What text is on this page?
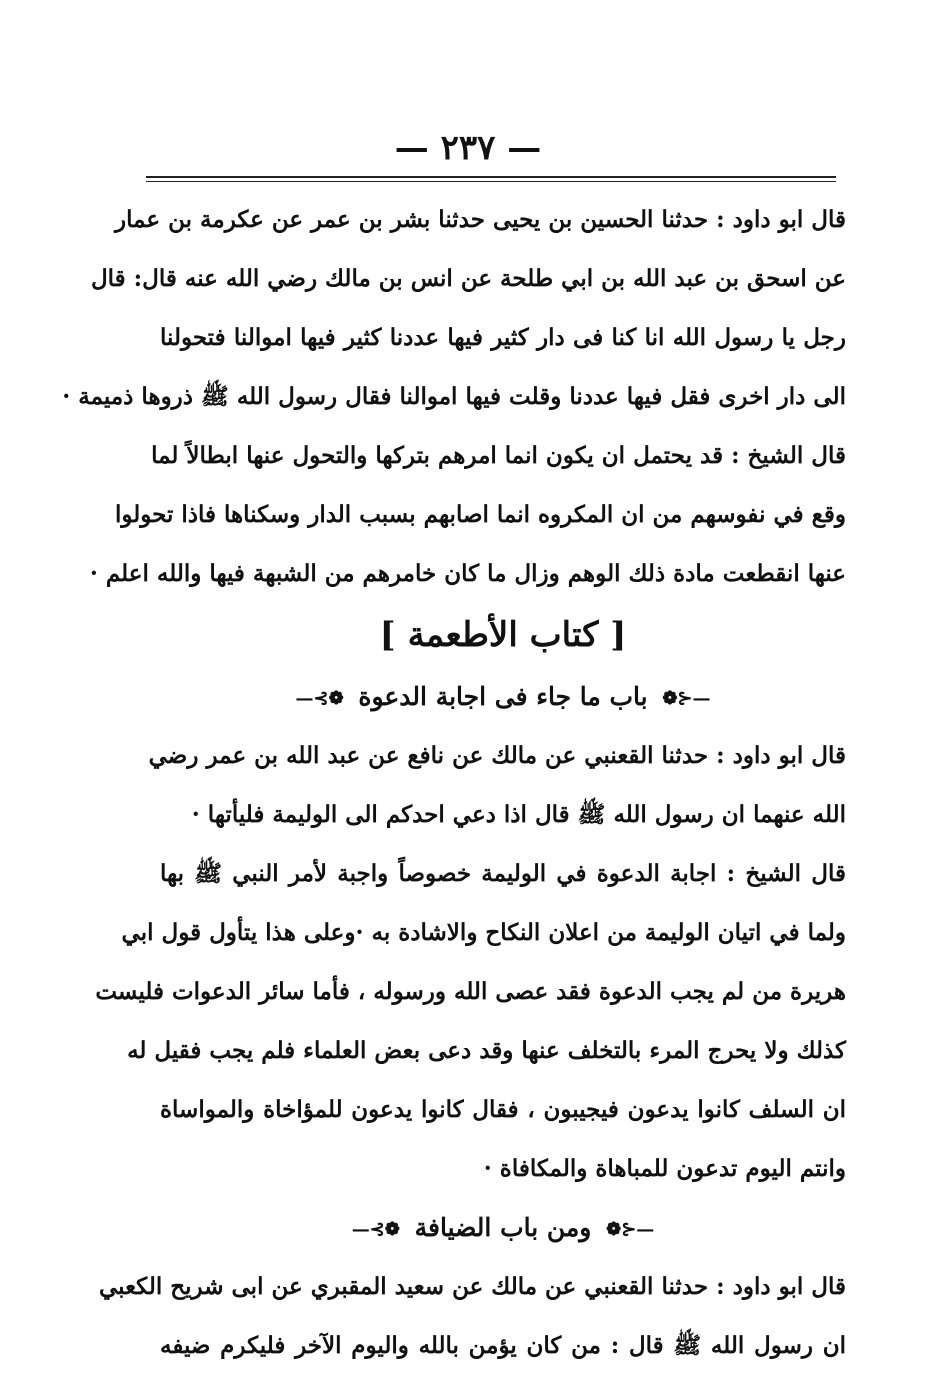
— ٢٣٧ —
قال ابو داود : حدثنا الحسين بن يحيى حدثنا بشر بن عمر عن عكرمة بن عمار
عن اسحق بن عبد الله بن ابي طلحة عن انس بن مالك رضي الله عنه قال: قال
رجل يا رسول الله انا كنا فى دار كثير فيها عددنا كثير فيها اموالنا فتحولنا
الى دار اخرى فقل فيها عددنا وقلت فيها اموالنا فقال رسول الله ﷺ ذروها ذميمة ·
قال الشيخ : قد يحتمل ان يكون انما امرهم بتركها والتحول عنها ابطالاً لما
وقع في نفوسهم من ان المكروه انما اصابهم بسبب الدار وسكناها فاذا تحولوا
عنها انقطعت مادة ذلك الوهم وزال ما كان خامرهم من الشبهة فيها والله اعلم ·
[ كتاب الأطعمة ]
—⊰❁ باب ما جاء فى اجابة الدعوة ❁⊱—
قال ابو داود : حدثنا القعنبي عن مالك عن نافع عن عبد الله بن عمر رضي
الله عنهما ان رسول الله ﷺ قال اذا دعي احدكم الى الوليمة فليأتها ·
قال الشيخ : اجابة الدعوة في الوليمة خصوصاً واجبة لأمر النبي ﷺ بها
ولما في اتيان الوليمة من اعلان النكاح والاشادة به ·وعلى هذا يتأول قول ابي
هريرة من لم يجب الدعوة فقد عصى الله ورسوله ، فأما سائر الدعوات فليست
كذلك ولا يحرج المرء بالتخلف عنها وقد دعى بعض العلماء فلم يجب فقيل له
ان السلف كانوا يدعون فيجيبون ، فقال كانوا يدعون للمؤاخاة والمواساة
وانتم اليوم تدعون للمباهاة والمكافاة ·
—⊰❁ ومن باب الضيافة ❁⊱—
قال ابو داود : حدثنا القعنبي عن مالك عن سعيد المقبري عن ابى شريح الكعبي
ان رسول الله ﷺ قال : من كان يؤمن بالله واليوم الآخر فليكرم ضيفه
